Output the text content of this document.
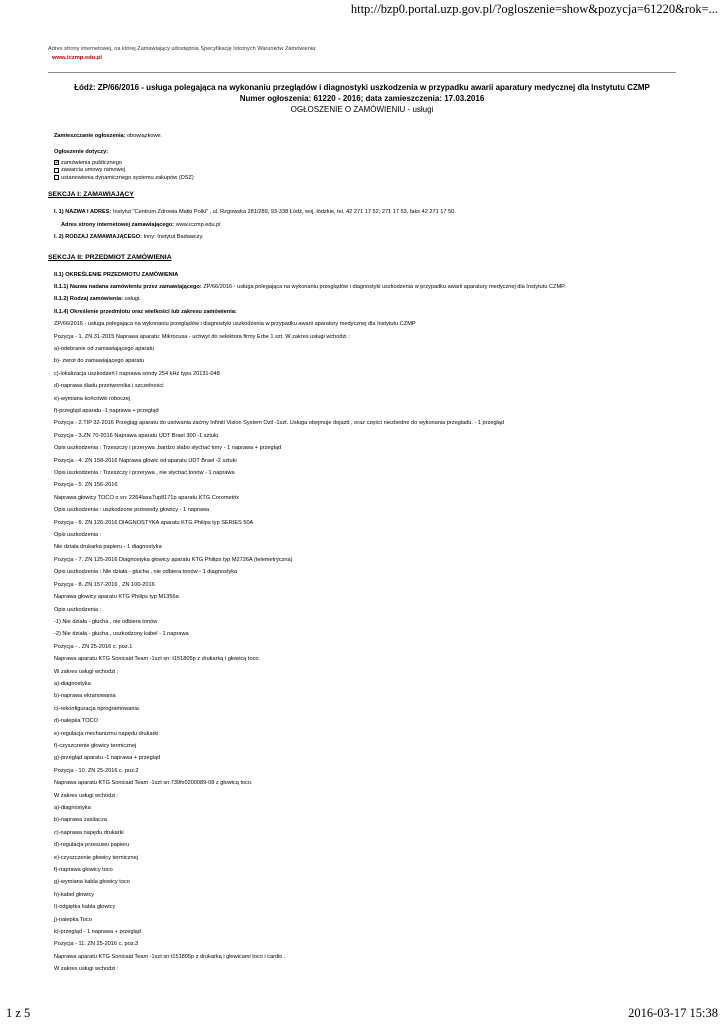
http://bzp0.portal.uzp.gov.pl/?ogloszenie=show&pozycja=61220&rok=...
Adres strony internetowej, na której Zamawiający udostępnia Specyfikację Istotnych Warunków Zamówienia:
www.iczmp.edu.pl
Łódź: ZP/66/2016 - usługa polegająca na wykonaniu przeglądów i diagnostyki uszkodzenia w przypadku awarii aparatury medycznej dla Instytutu CZMP
Numer ogłoszenia: 61220 - 2016; data zamieszczenia: 17.03.2016
OGŁOSZENIE O ZAMÓWIENIU - usługi
Zamieszczanie ogłoszenia: obowiązkowe.
Ogłoszenie dotyczy:
✓
zamówienia publicznego
zawarcia umowy ramowej
ustanowienia dynamicznego systemu zakupów (DSZ)
SEKCJA I: ZAMAWIAJĄCY
I. 1) NAZWA I ADRES: Instytut "Centrum Zdrowia Matki Polki" , ul. Rzgowska 281/289, 93-338 Łódź, woj. łódzkie, tel. 42 271 17 52; 271 17 53, faks 42 271 17 50.
Adres strony internetowej zamawiającego: www.iczmp.edu.pl
I. 2) RODZAJ ZAMAWIAJĄCEGO: Inny: Instytut Badawczy.
SEKCJA II: PRZEDMIOT ZAMÓWIENIA
II.1) OKREŚLENIE PRZEDMIOTU ZAMÓWIENIA
II.1.1) Nazwa nadana zamówieniu przez zamawiającego: ZP/66/2016 - usługa polegająca na wykonaniu przeglądów i diagnostyki uszkodzenia w przypadku awarii aparatury medycznej dla Instytutu CZMP.
II.1.2) Rodzaj zamówienia: usługi.
II.1.4) Określenie przedmiotu oraz wielkości lub zakresu zamówienia:
ZP/66/2016 - usługa polegająca na wykonaniu przeglądów i diagnostyki uszkodzenia w przypadku awarii aparatury medycznej dla Instytutu CZMP
Pozycja - 1. ZN 31-2015 Naprawa aparatu: Mikrocusa - uchwyt do selektora firmy Erbe 1 szt. W zakres usługi wchodzi :
a)-odebranie od zamawiającego aparatu
b)- zwrot do zamawiającego aparatu
c)-lokalizacja uszkodzeń I naprawa sondy 254 kHz typu 20131-048
d)-naprawa śladu przetwornika i szczelności
e)-wymiana końcówki roboczej
f)-przegląd aparatu -1 naprawa + przegląd
Pozycja - 2.TIP 32-2016 Przegląg aparatu do usówania zaćmy Infiniti Vision System Ozil -1szt. Usługa obejmuje dojazd , oraz części niezbedne do wykonania przegladu. - 1 przegląd
Pozycja - 3.ZN 70-2016 Naprawa aparatu UDT Brael 300 -1 sztuki
Opis uszkodzenia : Trzeszczy i przerywa ,bardzo słabo słychać tony - 1 naprawa + przegląd
Pozycja - 4. ZN 158-2016 Naprawa głowic od aparatu UDT Brael -2 sztuki
Opis uszkodzenia : Trzeszczy i przerywa , nie słychać tonów - 1 naprawa
Pozycja - 5. ZN 156-2016
Naprawa głowicy TOCO o sn: 2264laxa7up8171p aparatu KTG Corometrix
Opis uszkodzenia : uszkodzone przewody głowicy - 1 naprawa
Pozycja - 6. ZN 126-2016 DIAGNOSTYKA aparatu KTG Philips typ SERIES 50A
Opis uszkodzenia :
Nie działa drukarka papieru - 1 diagnostyka
Pozycja - 7. ZN 125-2016 Diagnostyka głowicy aparatu KTG Philips typ M2726A (telemetryczna)
Opis uszkodzenia : Nie działa - głucha , nie odbiera tonów - 1 diagnostyka
Pozycja - 8. ZN 157-2016 , ZN 100-2016
Naprawa głowicy aparatu KTG Philips typ M1356a
Opis uszkodzenia :
-1) Nie działa - głucha , nie odbiera tonów
-2) Nie działa - głucha , uszkodzony kabel - 1 naprawa
Pozycja - . ZN 25-2016 c. poz.1
Naprawa aparatu KTG Sonicaid Team -1szt sn: t151805p z drukarką i głowicą toco.
W zakres usługi wchodzi :
a)-diagnostyka
b)-naprawa ekranowania
c)-rekonfiguracja oprogramowania
d)-nalepka TOCO
e)-regulacja mechanizmu napędu drukarki
f)-czyszczenie głowicy termicznej
g)-przegląd aparatu -1 naprawa + przegląd
Pozycja - 10. ZN 25-2016 c. poz.2
Naprawa aparatu KTG Sonicaid Team -1szt sn:739fx0200089-08 z głowicą toco.
W zakres usługi wchodzi :
a)-diagnostyka
b)-naprawa zasilacza
c)-naprawa napędu drukarki
d)-regulacja przesuwu papieru
e)-czyszczenie głowicy termicznej
f)-naprawa głowicy toco
g)-wymiana kabla głowicy toco
h)-kabel głowicy
I)-odgiętka kabla głowicy
j)-nalepka Toco
k)-przegląd - 1 naprawa + przegląd
Pozycja - 11. ZN 25-2016 c. poz.3
Naprawa aparatu KTG Sonicaid Team -1szt sn:t151805p z drukarką i głowicami toco i cardio .
W zakres usługi wchodzi :
1 z 5	2016-03-17 15:38
